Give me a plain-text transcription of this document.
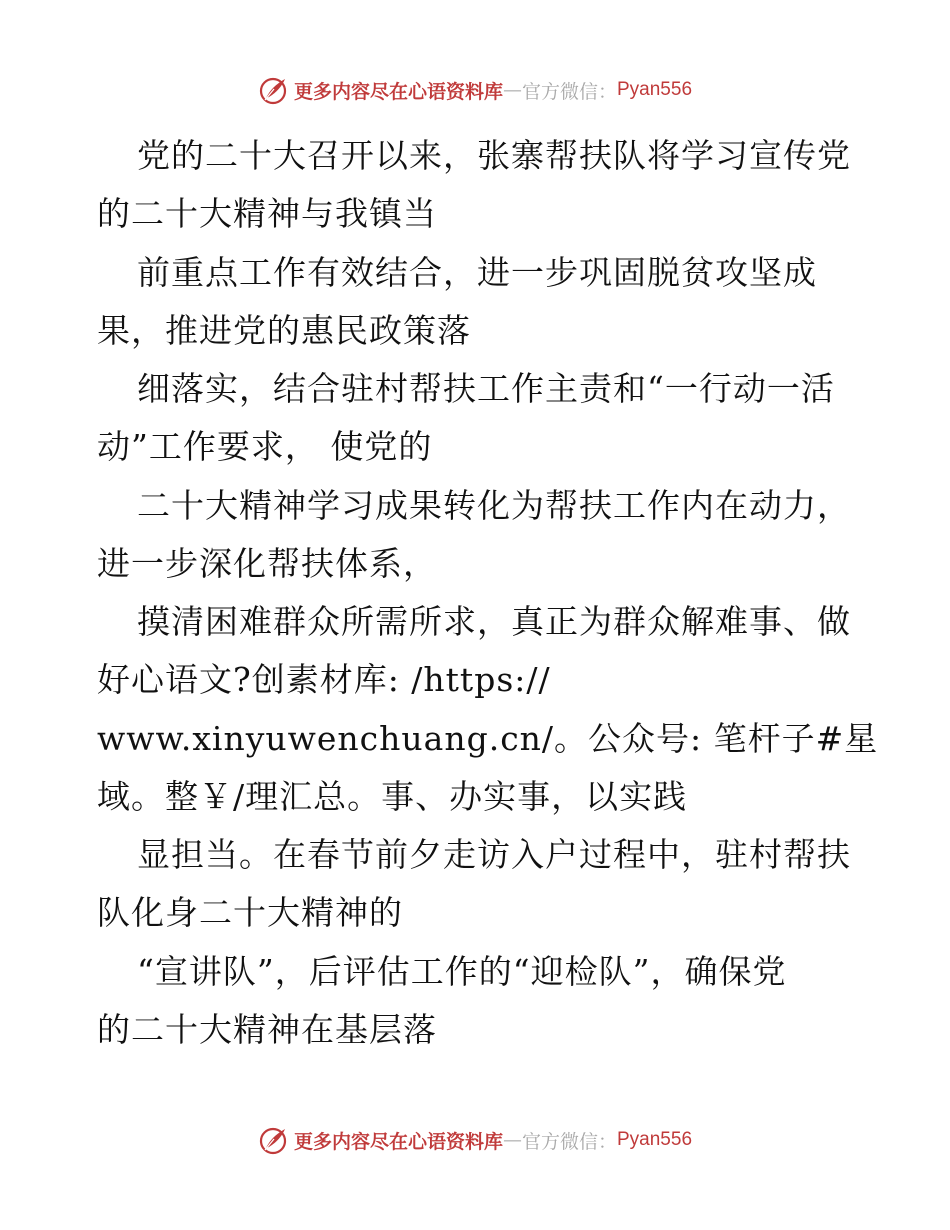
更多内容尽在心语资料库 — 官方微信： Pyan556
党的二十大召开以来，张寨帮扶队将学习宣传党
的二十大精神与我镇当
前重点工作有效结合，进一步巩固脱贫攻坚成
果，推进党的惠民政策落
细落实，结合驻村帮扶工作主责和“一行动一活
动”工作要求， 使党的
二十大精神学习成果转化为帮扶工作内在动力，
进一步深化帮扶体系，
摸清困难群众所需所求，真正为群众解难事、做
好心语文?创素材库: /https://
www.xinyuwenchuang.cn/。公众号: 笔杆子#星
域。整￥/理汇总。事、办实事，以实践
显担当。在春节前夕走访入户过程中，驻村帮扶
队化身二十大精神的
“宣讲队”，后评估工作的“迎检队”，确保党
的二十大精神在基层落
更多内容尽在心语资料库 — 官方微信： Pyan556
